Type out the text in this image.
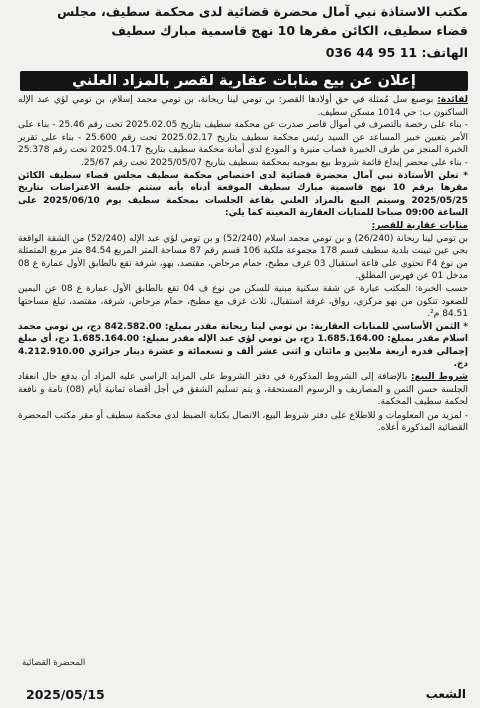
مكتب الاستاذة نبي آمال محضرة قضائية لدى محكمة سطيف، مجلس
قضاء سطيف، الكائن مقرها 10 نهج قاسمية مبارك سطيف
الهاتف: 11 95 44 036
إعلان عن بيع منابات عقارية لقصر بالمزاد العلني

لفائدة: بوصبع سل مُمثلة في حق أولادها القصر: بن تومي لينا ريحانة، بن تومي محمد إسلام، بن تومي لؤي عبد الإله الساكنون ب: حي 1014 مسكن سطيف.

- بناء على رخصة بالتصرف في أموال قاصر صدرت عن محكمة سطيف بتاريخ 2025.02.05 تحت رقم 25.46 - بناء على الأمر بتعيين خبير المساعد عن السيد رئيس محكمة سطيف بتاريخ 2025.02.17 تحت رقم 25.600 - بناء على تقرير الخبرة المنجز من طرف الخبيرة قصاب منيرة و المودع لدى أمانة محكمة سطيف بتاريخ 2025.04.17 تحت رقم 25.378 - بناء على محضر إيداع قائمة شروط بيع بموجبه بمحكمة بسطيف بتاريخ 2025/05/07 تحت رقم 25/67.

* تعلن الأستاذة نبي آمال محضرة قضائية لدى اختصاص محكمة سطيف مجلس قضاء سطيف الكائن مقرها برقم 10 نهج قاسمية مبارك سطيف الموقعة أدناه بأنه ستتم جلسة الاعتراضات بتاريخ 2025/05/25 وسيتم البيع بالمزاد العلني بقاعة الجلسات بمحكمة سطيف يوم 2025/06/10 على الساعة 09:00 صباحا للمنابات العقارية المعينة كما يلي:

منابات عقارية للقصر:

بن تومي لينا ريحانة (26/240) و بن تومي محمد اسلام (52/240) و بن تومي لؤي عبد الإله (52/240) من الشقة الواقعة بحي عين تبينت بلدية سطيف قسم 178 مجموعة ملكية 106 قسم رقم 87 مساحة المتر المربع 84.54 متر مربع المتمثلة من نوع F4 تحتوي على قاعة استقبال 03 غرف مطبخ، حمام مرحاض، مقتصد، بهو، شرفة تقع بالطابق الأول عمارة ع 08 مدخل 01 عن فهرس المطلق.

حسب الخبرة: المكتب عبارة عن شقة سكنية مبنية للسكن من نوع ف 04 تقع بالطابق الأول عمارة ع 08 عن اليمين للصعود تتكون من بهو مركزي، رواق، غرفة استقبال، ثلاث غرف مع مطبخ، حمام مرحاض، شرفة، مقتصد، تبلغ مساحتها 84.51 م².

* الثمن الأساسي للمنابات العقارية: بن تومي لينا ريحانة مقدر بمبلغ: 842.582.00 دج، بن تومي محمد اسلام مقدر بمبلغ: 1.685.164.00 دج، بن تومي لؤي عبد الإله مقدر بمبلغ: 1.685.164.00 دج، أي مبلغ إجمالي قدره أربعة ملايين و مائتان و اثنى عشر ألف و تسعمائة و عشرة دينار جزائري 4.212.910.00 دج.

شروط البيع: بالإضافة إلى الشروط المذكورة في دفتر الشروط على المزايد الراسي عليه المزاد أن يدفع حال انعقاد الجلسة حسن الثمن و المصاريف و الرسوم المستحقة، و يتم تسليم الشقق في أجل أقصاه ثمانية أيام (08) تامة و نافعة لحكمة سطيف المحكمة.

- لمزيد من المعلومات و للاطلاع على دفتر شروط البيع، الاتصال بكتابة الضبط لدى محكمة سطيف أو مقر مكتب المحضرة القضائية المذكورة أعلاه.

المحضرة القضائية
الشعب
2025/05/15
